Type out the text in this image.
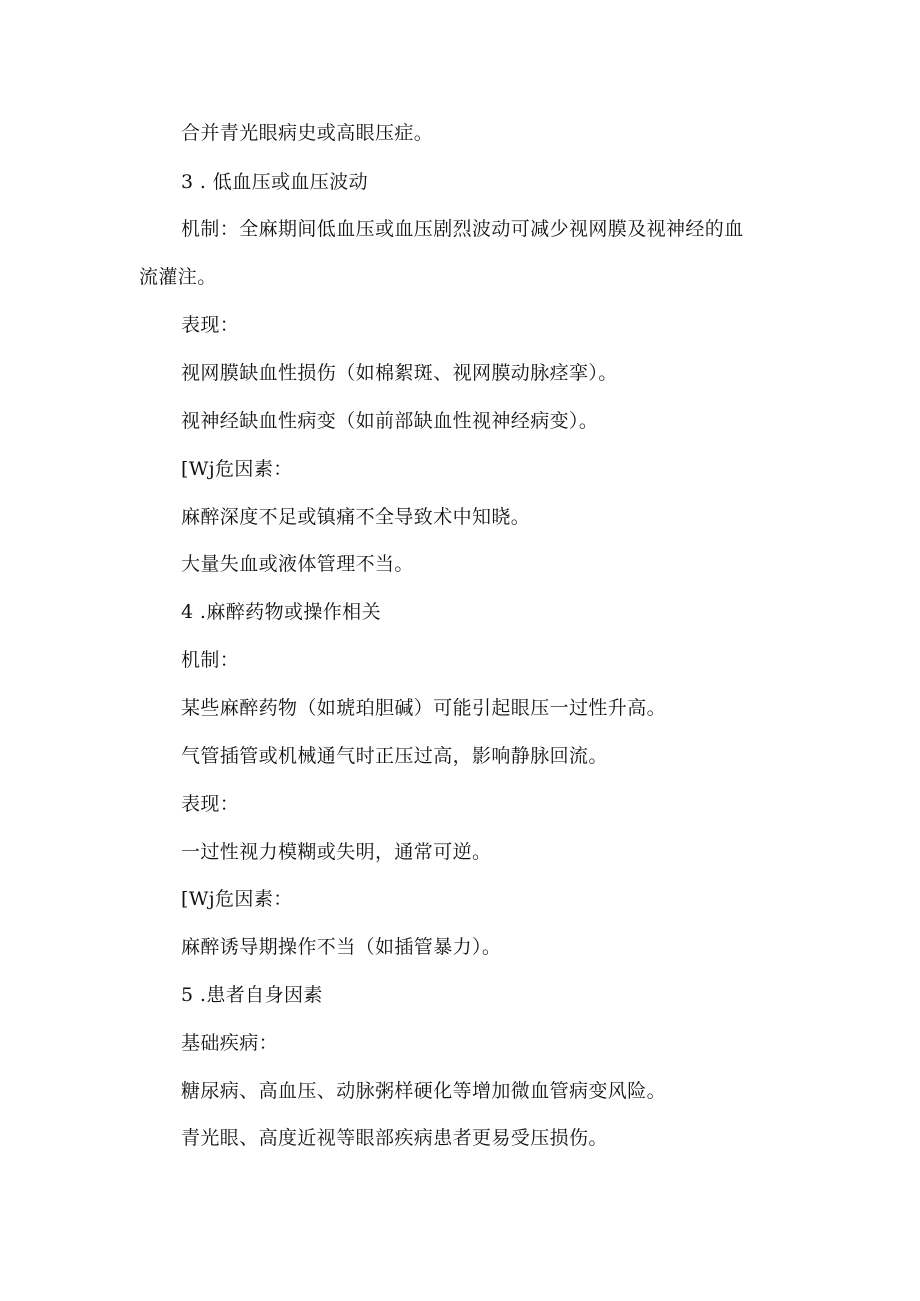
合并青光眼病史或高眼压症。
3 . 低血压或血压波动
机制：全麻期间低血压或血压剧烈波动可减少视网膜及视神经的血
流灌注。
表现：
视网膜缺血性损伤（如棉絮斑、视网膜动脉痉挛）。
视神经缺血性病变（如前部缺血性视神经病变）。
[Wj危因素：
麻醉深度不足或镇痛不全导致术中知晓。
大量失血或液体管理不当。
4 .麻醉药物或操作相关
机制：
某些麻醉药物（如琥珀胆碱）可能引起眼压一过性升高。
气管插管或机械通气时正压过高，影响静脉回流。
表现：
一过性视力模糊或失明，通常可逆。
[Wj危因素：
麻醉诱导期操作不当（如插管暴力）。
5 .患者自身因素
基础疾病：
糖尿病、高血压、动脉粥样硬化等增加微血管病变风险。
青光眼、高度近视等眼部疾病患者更易受压损伤。
